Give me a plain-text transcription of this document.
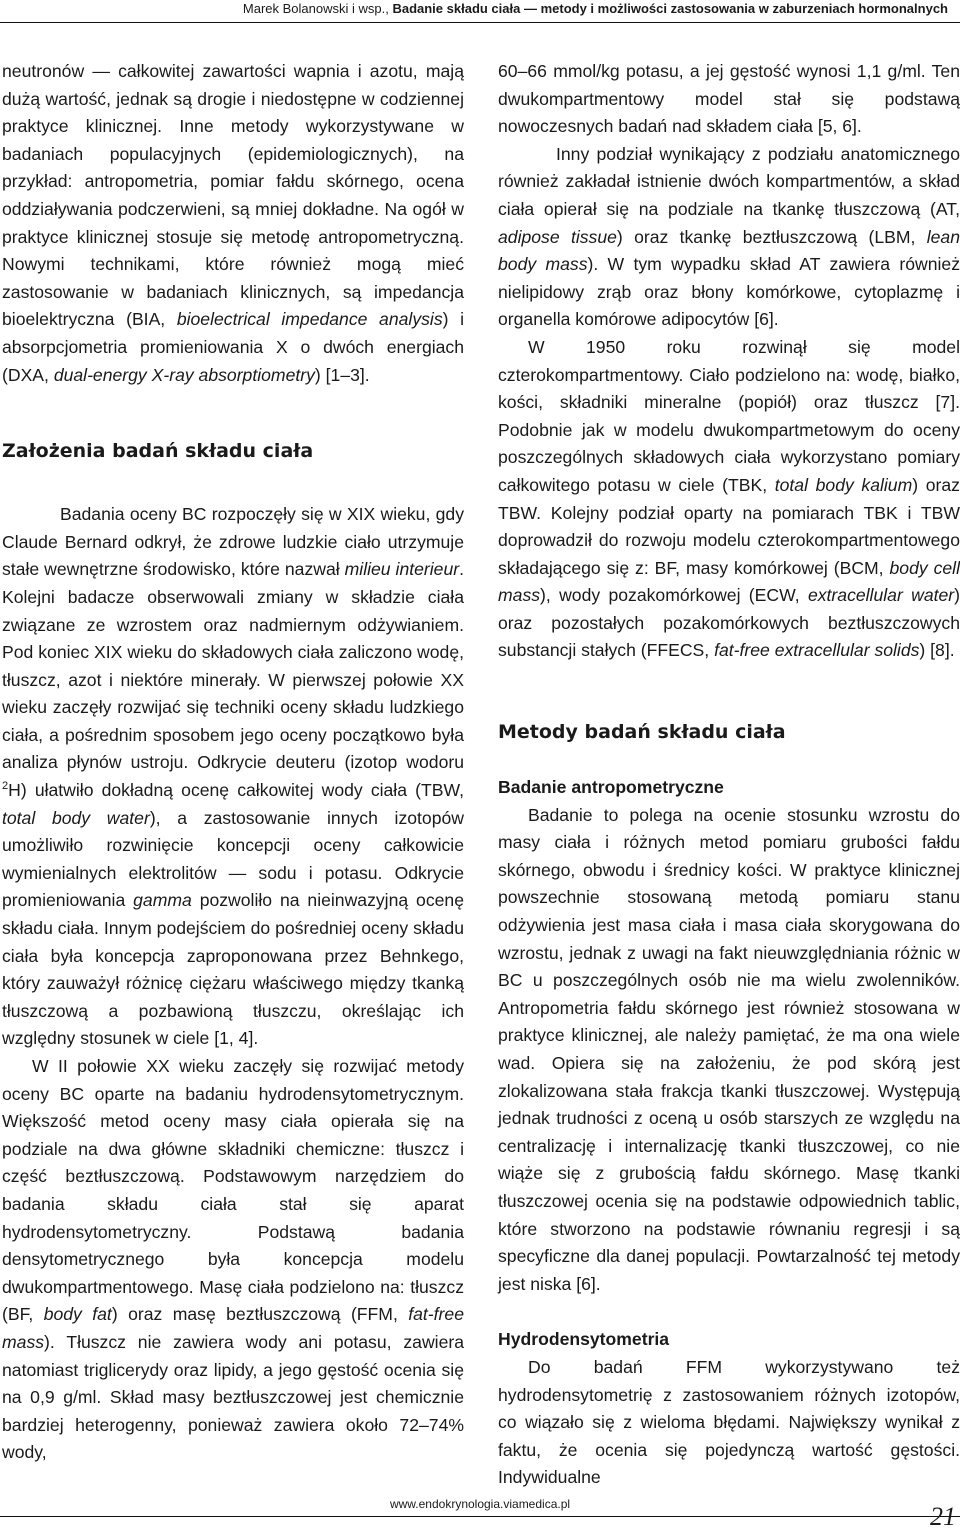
Marek Bolanowski i wsp., Badanie składu ciała — metody i możliwości zastosowania w zaburzeniach hormonalnych

neutronów — całkowitej zawartości wapnia i azotu, mają dużą wartość, jednak są drogie i niedostępne w codziennej praktyce klinicznej. Inne metody wykorzystywane w badaniach populacyjnych (epidemiologicznych), na przykład: antropometria, pomiar fałdu skórnego, ocena oddziaływania podczerwieni, są mniej dokładne. Na ogół w praktyce klinicznej stosuje się metodę antropometryczną. Nowymi technikami, które również mogą mieć zastosowanie w badaniach klinicznych, są impedancja bioelektryczna (BIA, bioelectrical impedance analysis) i absorpcjometria promieniowania X o dwóch energiach (DXA, dual-energy X-ray absorptiometry) [1–3].

Założenia badań składu ciała

Badania oceny BC rozpoczęły się w XIX wieku, gdy Claude Bernard odkrył, że zdrowe ludzkie ciało utrzymuje stałe wewnętrzne środowisko, które nazwał milieu interieur. Kolejni badacze obserwowali zmiany w składzie ciała związane ze wzrostem oraz nadmiernym odżywianiem. Pod koniec XIX wieku do składowych ciała zaliczono wodę, tłuszcz, azot i niektóre minerały. W pierwszej połowie XX wieku zaczęły rozwijać się techniki oceny składu ludzkiego ciała, a pośrednim sposobem jego oceny początkowo była analiza płynów ustroju. Odkrycie deuteru (izotop wodoru $^2$H) ułatwiło dokładną ocenę całkowitej wody ciała (TBW, total body water), a zastosowanie innych izotopów umożliwiło rozwinięcie koncepcji oceny całkowicie wymienialnych elektrolitów — sodu i potasu. Odkrycie promieniowania gamma pozwoliło na nieinwazyjną ocenę składu ciała. Innym podejściem do pośredniej oceny składu ciała była koncepcja zaproponowana przez Behnkego, który zauważył różnicę ciężaru właściwego między tkanką tłuszczową a pozbawioną tłuszczu, określając ich względny stosunek w ciele [1, 4].

W II połowie XX wieku zaczęły się rozwijać metody oceny BC oparte na badaniu hydrodensytometrycznym. Większość metod oceny masy ciała opierała się na podziale na dwa główne składniki chemiczne: tłuszcz i część beztłuszczową. Podstawowym narzędziem do badania składu ciała stał się aparat hydrodensytometryczny. Podstawą badania densytometrycznego była koncepcja modelu dwukompartmentowego. Masę ciała podzielono na: tłuszcz (BF, body fat) oraz masę beztłuszczową (FFM, fat-free mass). Tłuszcz nie zawiera wody ani potasu, zawiera natomiast triglicerydy oraz lipidy, a jego gęstość ocenia się na 0,9 g/ml. Skład masy beztłuszczowej jest chemicznie bardziej heterogenny, ponieważ zawiera około 72–74% wody,

60–66 mmol/kg potasu, a jej gęstość wynosi 1,1 g/ml. Ten dwukompartmentowy model stał się podstawą nowoczesnych badań nad składem ciała [5, 6].

Inny podział wynikający z podziału anatomicznego również zakładał istnienie dwóch kompartmentów, a skład ciała opierał się na podziale na tkankę tłuszczową (AT, adipose tissue) oraz tkankę beztłuszczową (LBM, lean body mass). W tym wypadku skład AT zawiera również nielipidowy zrąb oraz błony komórkowe, cytoplazmę i organella komórowe adipocytów [6].

W 1950 roku rozwinął się model czterokompartmentowy. Ciało podzielono na: wodę, białko, kości, składniki mineralne (popiół) oraz tłuszcz [7]. Podobnie jak w modelu dwukompartmetowym do oceny poszczególnych składowych ciała wykorzystano pomiary całkowitego potasu w ciele (TBK, total body kalium) oraz TBW. Kolejny podział oparty na pomiarach TBK i TBW doprowadził do rozwoju modelu czterokompartmentowego składającego się z: BF, masy komórkowej (BCM, body cell mass), wody pozakomórkowej (ECW, extracellular water) oraz pozostałych pozakomórkowych beztłuszczowych substancji stałych (FFECS, fat-free extracellular solids) [8].

Metody badań składu ciała
Badanie antropometryczne

Badanie to polega na ocenie stosunku wzrostu do masy ciała i różnych metod pomiaru grubości fałdu skórnego, obwodu i średnicy kości. W praktyce klinicznej powszechnie stosowaną metodą pomiaru stanu odżywienia jest masa ciała i masa ciała skorygowana do wzrostu, jednak z uwagi na fakt nieuwzględniania różnic w BC u poszczególnych osób nie ma wielu zwolenników. Antropometria fałdu skórnego jest również stosowana w praktyce klinicznej, ale należy pamiętać, że ma ona wiele wad. Opiera się na założeniu, że pod skórą jest zlokalizowana stała frakcja tkanki tłuszczowej. Występują jednak trudności z oceną u osób starszych ze względu na centralizację i internalizację tkanki tłuszczowej, co nie wiąże się z grubością fałdu skórnego. Masę tkanki tłuszczowej ocenia się na podstawie odpowiednich tablic, które stworzono na podstawie równaniu regresji i są specyficzne dla danej populacji. Powtarzalność tej metody jest niska [6].

Hydrodensytometria

Do badań FFM wykorzystywano też hydrodensytometrię z zastosowaniem różnych izotopów, co wiązało się z wieloma błędami. Największy wynikał z faktu, że ocenia się pojedynczą wartość gęstości. Indywidualne

www.endokrynologia.viamedica.pl	21
